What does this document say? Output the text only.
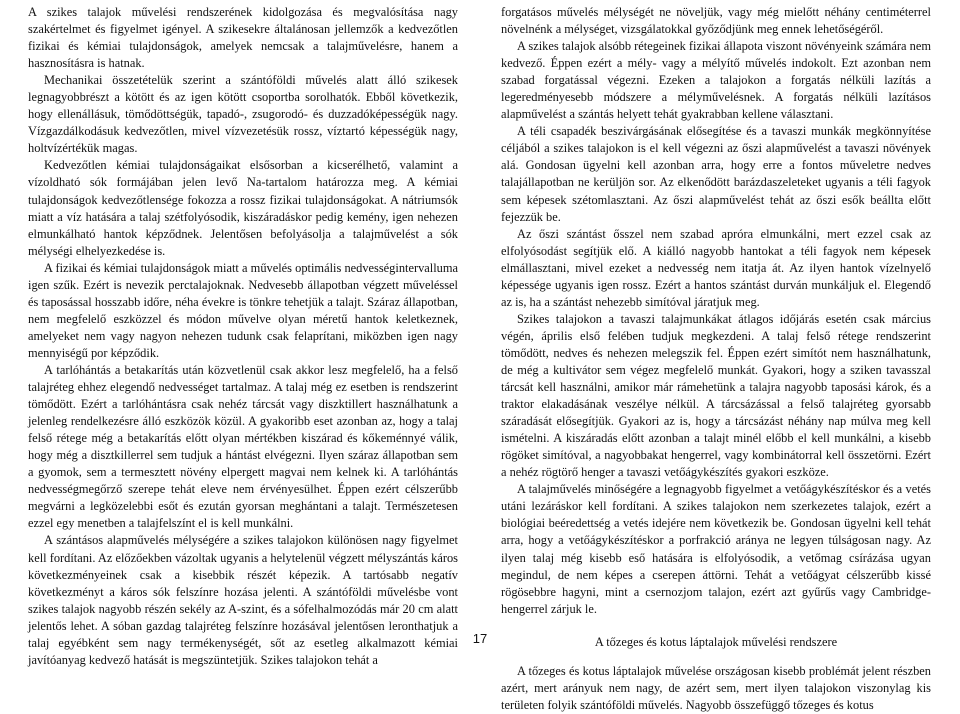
A szikes talajok művelési rendszerének kidolgozása és megvalósítása nagy szakértelmet és figyelmet igényel. A szikesekre általánosan jellemzők a kedvezőtlen fizikai és kémiai tulajdonságok, amelyek nemcsak a talajművelésre, hanem a hasznosításra is hatnak.

Mechanikai összetételük szerint a szántóföldi művelés alatt álló szikesek legnagyobbrészt a kötött és az igen kötött csoportba sorolhatók. Ebből következik, hogy ellenállásuk, tömődöttségük, tapadó-, zsugorodó- és duzzadóképességük nagy. Vízgazdálkodásuk kedvezőtlen, mivel vízvezetésük rossz, víztartó képességük nagy, holtvízértékük magas.

Kedvezőtlen kémiai tulajdonságaikat elsősorban a kicserélhető, valamint a vízoldható sók formájában jelen levő Na-tartalom határozza meg. A kémiai tulajdonságok kedvezőtlensége fokozza a rossz fizikai tulajdonságokat. A nátriumsók miatt a víz hatására a talaj szétfolyósodik, kiszáradáskor pedig kemény, igen nehezen elmunkálható hantok képződnek. Jelentősen befolyásolja a talajművelést a sók mélységi elhelyezkedése is.

A fizikai és kémiai tulajdonságok miatt a művelés optimális nedvességintervalluma igen szűk. Ezért is nevezik perctalajoknak. Nedvesebb állapotban végzett műveléssel és taposással hosszabb időre, néha évekre is tönkre tehetjük a talajt. Száraz állapotban, nem megfelelő eszközzel és módon művelve olyan méretű hantok keletkeznek, amelyeket nem vagy nagyon nehezen tudunk csak felaprítani, miközben igen nagy mennyiségű por képződik.

A tarlóhántás a betakarítás után közvetlenül csak akkor lesz megfelelő, ha a felső talajréteg ehhez elegendő nedvességet tartalmaz. A talaj még ez esetben is rendszerint tömődött. Ezért a tarlóhántásra csak nehéz tárcsát vagy diszktillert használhatunk a jelenleg rendelkezésre álló eszközök közül. A gyakoribb eset azonban az, hogy a talaj felső rétege még a betakarítás előtt olyan mértékben kiszárad és kőkeménnyé válik, hogy még a disztkillerrel sem tudjuk a hántást elvégezni. Ilyen száraz állapotban sem a gyomok, sem a termesztett növény elpergett magvai nem kelnek ki. A tarlóhántás nedvességmegőrző szerepe tehát eleve nem érvényesülhet. Éppen ezért célszerűbb megvárni a legközelebbi esőt és ezután gyorsan meghántani a talajt. Természetesen ezzel egy menetben a talajfelszínt el is kell munkálni.

A szántásos alapművelés mélységére a szikes talajokon különösen nagy figyelmet kell fordítani. Az előzőekben vázoltak ugyanis a helytelenül végzett mélyszántás káros következményeinek csak a kisebbik részét képezik. A tartósabb negatív következményt a káros sók felszínre hozása jelenti. A szántóföldi művelésbe vont szikes talajok nagyobb részén sekély az A-szint, és a sófelhalmozódás már 20 cm alatt jelentős lehet. A sóban gazdag talajréteg felszínre hozásával jelentősen leronthatjuk a talaj egyébként sem nagy termékenységét, sőt az esetleg alkalmazott kémiai javítóanyag kedvező hatását is megszüntetjük. Szikes talajokon tehát a

forgatásos művelés mélységét ne növeljük, vagy még mielőtt néhány centiméterrel növelnénk a mélységet, vizsgálatokkal győződjünk meg ennek lehetőségéről.

A szikes talajok alsóbb rétegeinek fizikai állapota viszont növényeink számára nem kedvező. Éppen ezért a mély- vagy a mélyítő művelés indokolt. Ezt azonban nem szabad forgatással végezni. Ezeken a talajokon a forgatás nélküli lazítás a legeredményesebb módszere a mélyművelésnek. A forgatás nélküli lazításos alapművelést a szántás helyett tehát gyakrabban kellene választani.

A téli csapadék beszivárgásának elősegítése és a tavaszi munkák megkönnyítése céljából a szikes talajokon is el kell végezni az őszi alapművelést a tavaszi növények alá. Gondosan ügyelni kell azonban arra, hogy erre a fontos műveletre nedves talajállapotban ne kerüljön sor. Az elkenődött barázdaszeleteket ugyanis a téli fagyok sem képesek szétomlasztani. Az őszi alapművelést tehát az őszi esők beállta előtt fejezzük be.

Az őszi szántást ősszel nem szabad apróra elmunkálni, mert ezzel csak az elfolyósodást segítjük elő. A kiálló nagyobb hantokat a téli fagyok nem képesek elmállasztani, mivel ezeket a nedvesség nem itatja át. Az ilyen hantok vízelnyelő képessége ugyanis igen rossz. Ezért a hantos szántást durván munkáljuk el. Elegendő az is, ha a szántást nehezebb simítóval járatjuk meg.

Szikes talajokon a tavaszi talajmunkákat átlagos időjárás esetén csak március végén, április első felében tudjuk megkezdeni. A talaj felső rétege rendszerint tömődött, nedves és nehezen melegszik fel. Éppen ezért simítót nem használhatunk, de még a kultivátor sem végez megfelelő munkát. Gyakori, hogy a sziken tavasszal tárcsát kell használni, amikor már rámehetünk a talajra nagyobb taposási károk, és a traktor elakadásának veszélye nélkül. A tárcsázással a felső talajréteg gyorsabb száradását elősegítjük. Gyakori az is, hogy a tárcsázást néhány nap múlva meg kell ismételni. A kiszáradás előtt azonban a talajt minél előbb el kell munkálni, a kisebb rögöket simítóval, a nagyobbakat hengerrel, vagy kombinátorral kell összetörni. Ezért a nehéz rögtörő henger a tavaszi vetőágykészítés gyakori eszköze.

A talajművelés minőségére a legnagyobb figyelmet a vetőágykészítéskor és a vetés utáni lezáráskor kell fordítani. A szikes talajokon nem szerkezetes talajok, ezért a biológiai beéredettség a vetés idejére nem következik be. Gondosan ügyelni kell tehát arra, hogy a vetőágykészítéskor a porfrakció aránya ne legyen túlságosan nagy. Az ilyen talaj még kisebb eső hatására is elfolyósodik, a vetőmag csírázása ugyan megindul, de nem képes a cserepen áttörni. Tehát a vetőágyat célszerűbb kissé rögösebbre hagyni, mint a csernozjom talajon, ezért azt gyűrűs vagy Cambridge-hengerrel zárjuk le.

A tőzeges és kotus láptalajok művelési rendszere

A tőzeges és kotus láptalajok művelése országosan kisebb problémát jelent részben azért, mert arányuk nem nagy, de azért sem, mert ilyen talajokon viszonylag kis területen folyik szántóföldi művelés. Nagyobb összefüggő tőzeges és kotus

17
